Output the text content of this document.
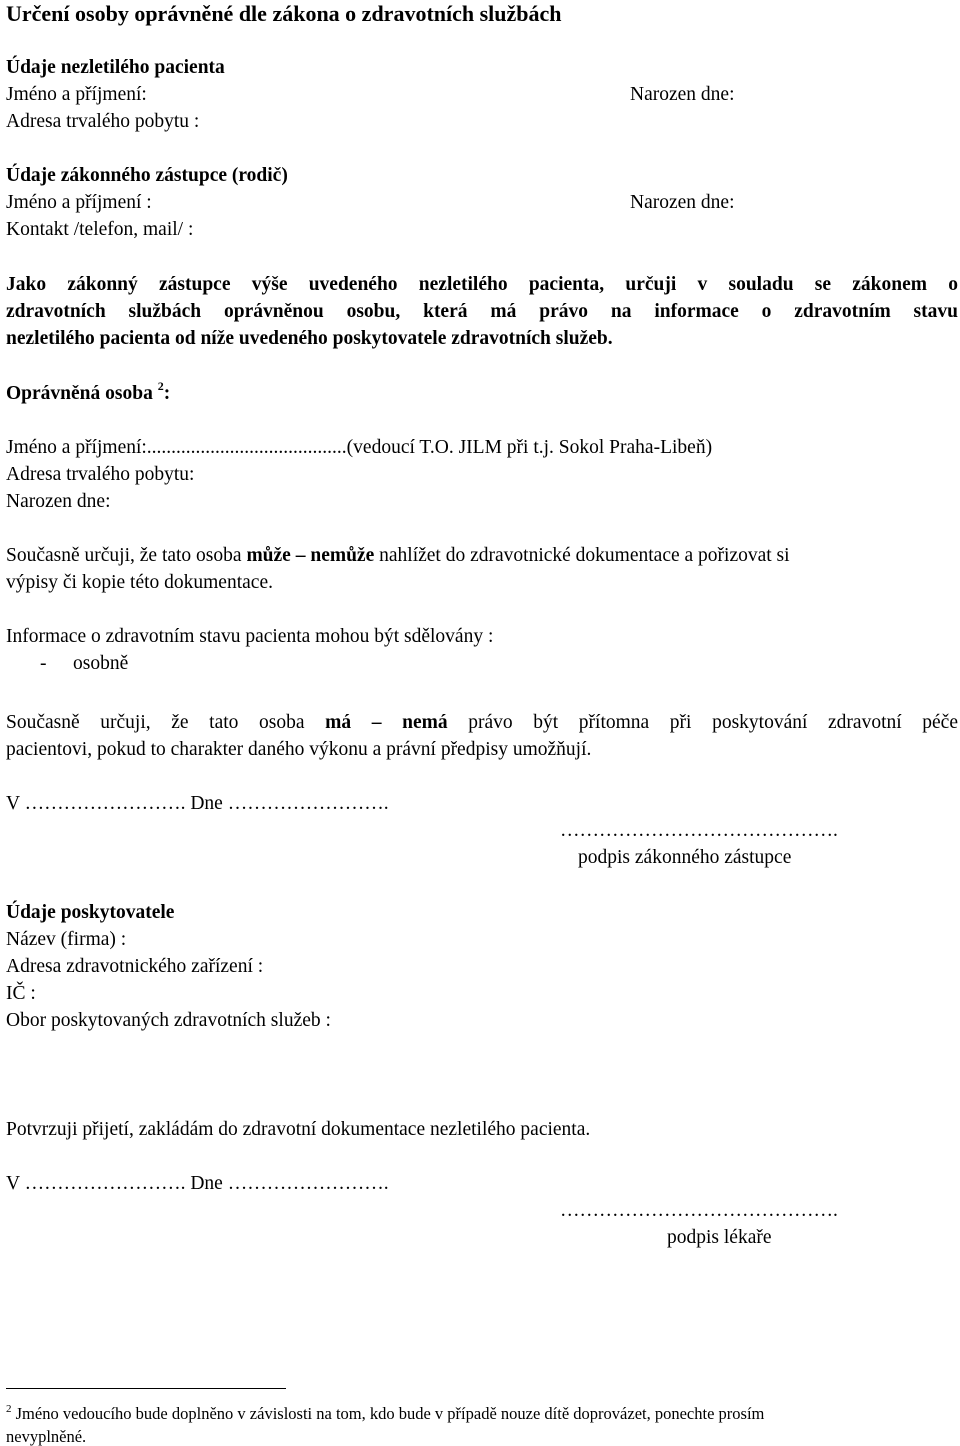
Určení osoby oprávněné dle zákona o zdravotních službách
Údaje nezletilého pacienta
Jméno a příjmení:	Narozen dne:
Adresa trvalého pobytu :
Údaje zákonného zástupce (rodič)
Jméno a příjmení :	Narozen dne:
Kontakt /telefon, mail/ :
Jako zákonný zástupce výše uvedeného nezletilého pacienta, určuji v souladu se zákonem o
zdravotních službách oprávněnou osobu, která má právo na informace o zdravotním stavu
nezletilého pacienta od níže uvedeného poskytovatele zdravotních služeb.
Oprávněná osoba $^2$:
Jméno a příjmení:.........................................(vedoucí T.O. JILM při t.j. Sokol Praha-Libeň)
Adresa trvalého pobytu:
Narozen dne:
Současně určuji, že tato osoba může – nemůže nahlížet do zdravotnické dokumentace a pořizovat si
výpisy či kopie této dokumentace.
Informace o zdravotním stavu pacienta mohou být sdělovány :
- osobně
Současně určuji, že tato osoba má – nemá právo být přítomna při poskytování zdravotní péče
pacientovi, pokud to charakter daného výkonu a právní předpisy umožňují.
V ……………………. Dne …………………….
…………………………………….
podpis zákonného zástupce
Údaje poskytovatele
Název (firma) :
Adresa zdravotnického zařízení :
IČ :
Obor poskytovaných zdravotních služeb :
Potvrzuji přijetí, zakládám do zdravotní dokumentace nezletilého pacienta.
V ……………………. Dne …………………….
…………………………………….
podpis lékaře
$^2$ Jméno vedoucího bude doplněno v závislosti na tom, kdo bude v případě nouze dítě doprovázet, ponechte prosím
nevyplněné.
